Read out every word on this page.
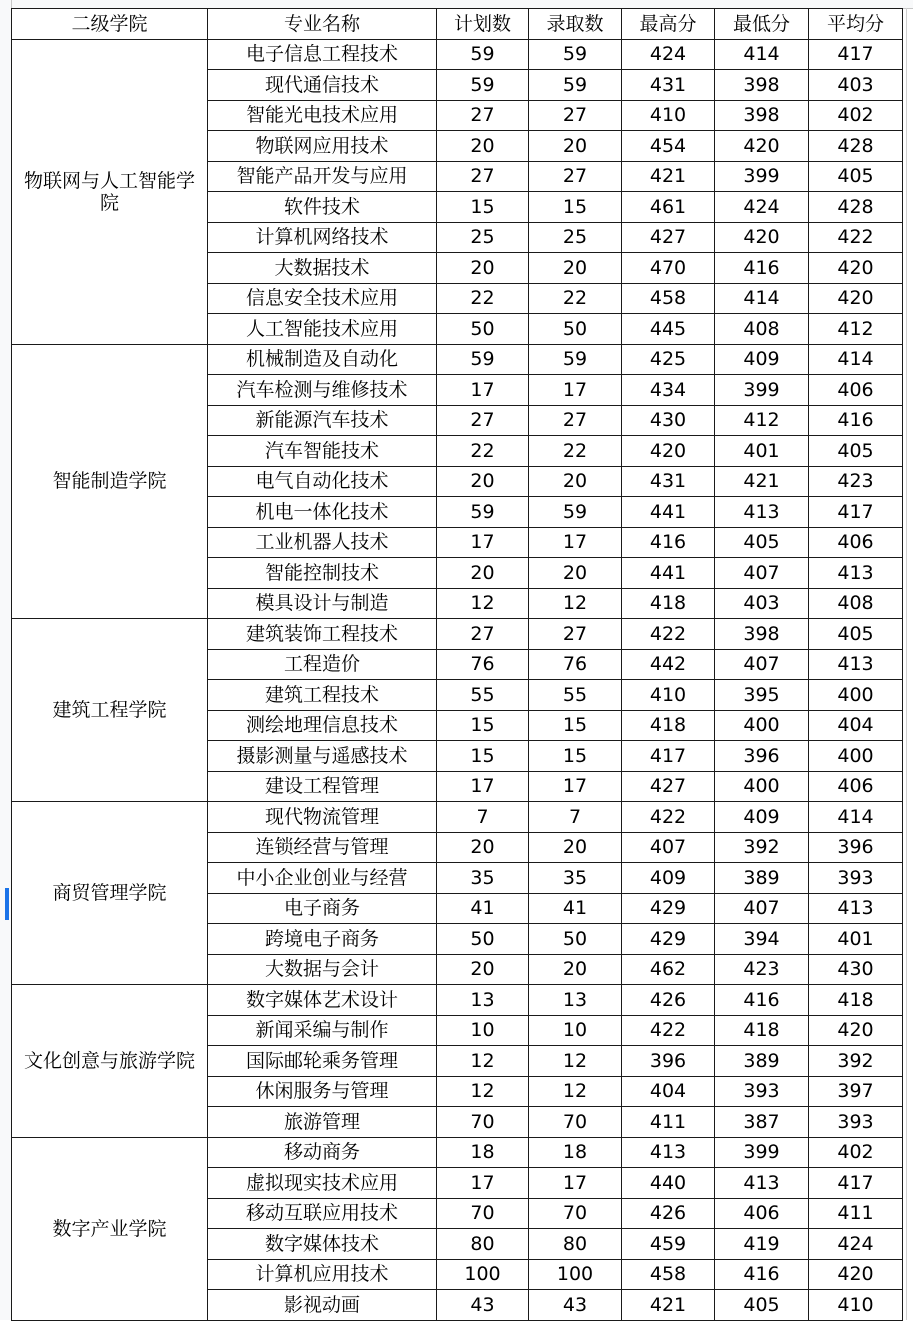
二级学院	专业名称	计划数	录取数	最高分	最低分	平均分
物联网与人工智能学院	电子信息工程技术	59	59	424	414	417
	现代通信技术	59	59	431	398	403
	智能光电技术应用	27	27	410	398	402
	物联网应用技术	20	20	454	420	428
	智能产品开发与应用	27	27	421	399	405
	软件技术	15	15	461	424	428
	计算机网络技术	25	25	427	420	422
	大数据技术	20	20	470	416	420
	信息安全技术应用	22	22	458	414	420
	人工智能技术应用	50	50	445	408	412
智能制造学院	机械制造及自动化	59	59	425	409	414
	汽车检测与维修技术	17	17	434	399	406
	新能源汽车技术	27	27	430	412	416
	汽车智能技术	22	22	420	401	405
	电气自动化技术	20	20	431	421	423
	机电一体化技术	59	59	441	413	417
	工业机器人技术	17	17	416	405	406
	智能控制技术	20	20	441	407	413
	模具设计与制造	12	12	418	403	408
建筑工程学院	建筑装饰工程技术	27	27	422	398	405
	工程造价	76	76	442	407	413
	建筑工程技术	55	55	410	395	400
	测绘地理信息技术	15	15	418	400	404
	摄影测量与遥感技术	15	15	417	396	400
	建设工程管理	17	17	427	400	406
商贸管理学院	现代物流管理	7	7	422	409	414
	连锁经营与管理	20	20	407	392	396
	中小企业创业与经营	35	35	409	389	393
	电子商务	41	41	429	407	413
	跨境电子商务	50	50	429	394	401
	大数据与会计	20	20	462	423	430
文化创意与旅游学院	数字媒体艺术设计	13	13	426	416	418
	新闻采编与制作	10	10	422	418	420
	国际邮轮乘务管理	12	12	396	389	392
	休闲服务与管理	12	12	404	393	397
	旅游管理	70	70	411	387	393
数字产业学院	移动商务	18	18	413	399	402
	虚拟现实技术应用	17	17	440	413	417
	移动互联应用技术	70	70	426	406	411
	数字媒体技术	80	80	459	419	424
	计算机应用技术	100	100	458	416	420
	影视动画	43	43	421	405	410
